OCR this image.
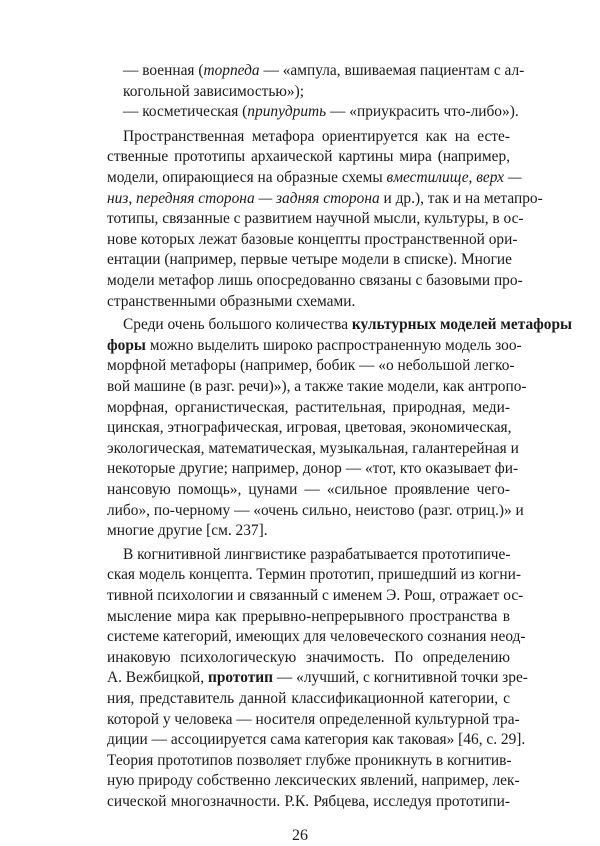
— военная (торпеда — «ампула, вшиваемая пациентам с ал-
когольной зависимостью»);
— косметическая (припудрить — «приукрасить что-либо»).
Пространственная метафора ориентируется как на есте-
ственные прототипы архаической картины мира (например,
модели, опирающиеся на образные схемы вместилище, верх —
низ, передняя сторона — задняя сторона и др.), так и на метапро-
тотипы, связанные с развитием научной мысли, культуры, в ос-
нове которых лежат базовые концепты пространственной ори-
ентации (например, первые четыре модели в списке). Многие
модели метафор лишь опосредованно связаны с базовыми про-
странственными образными схемами.
Среди очень большого количества культурных моделей метафоры
форы можно выделить широко распространенную модель зоо-
морфной метафоры (например, бобик — «о небольшой легко-
вой машине (в разг. речи)»), а также такие модели, как антропо-
морфная, органистическая, растительная, природная, меди-
цинская, этнографическая, игровая, цветовая, экономическая,
экологическая, математическая, музыкальная, галантерейная и
некоторые другие; например, донор — «тот, кто оказывает фи-
нансовую помощь», цунами — «сильное проявление чего-
либо», по-черному — «очень сильно, неистово (разг. отриц.)» и
многие другие [см. 237].
В когнитивной лингвистике разрабатывается прототипиче-
ская модель концепта. Термин прототип, пришедший из когни-
тивной психологии и связанный с именем Э. Рош, отражает ос-
мысление мира как прерывно-непрерывного пространства в
системе категорий, имеющих для человеческого сознания неод-
инаковую психологическую значимость. По определению
А. Вежбицкой, прототип — «лучший, с когнитивной точки зре-
ния, представитель данной классификационной категории, с
которой у человека — носителя определенной культурной тра-
диции — ассоциируется сама категория как таковая» [46, с. 29].
Теория прототипов позволяет глубже проникнуть в когнитив-
ную природу собственно лексических явлений, например, лек-
сической многозначности. Р.К. Рябцева, исследуя прототипи-
26
